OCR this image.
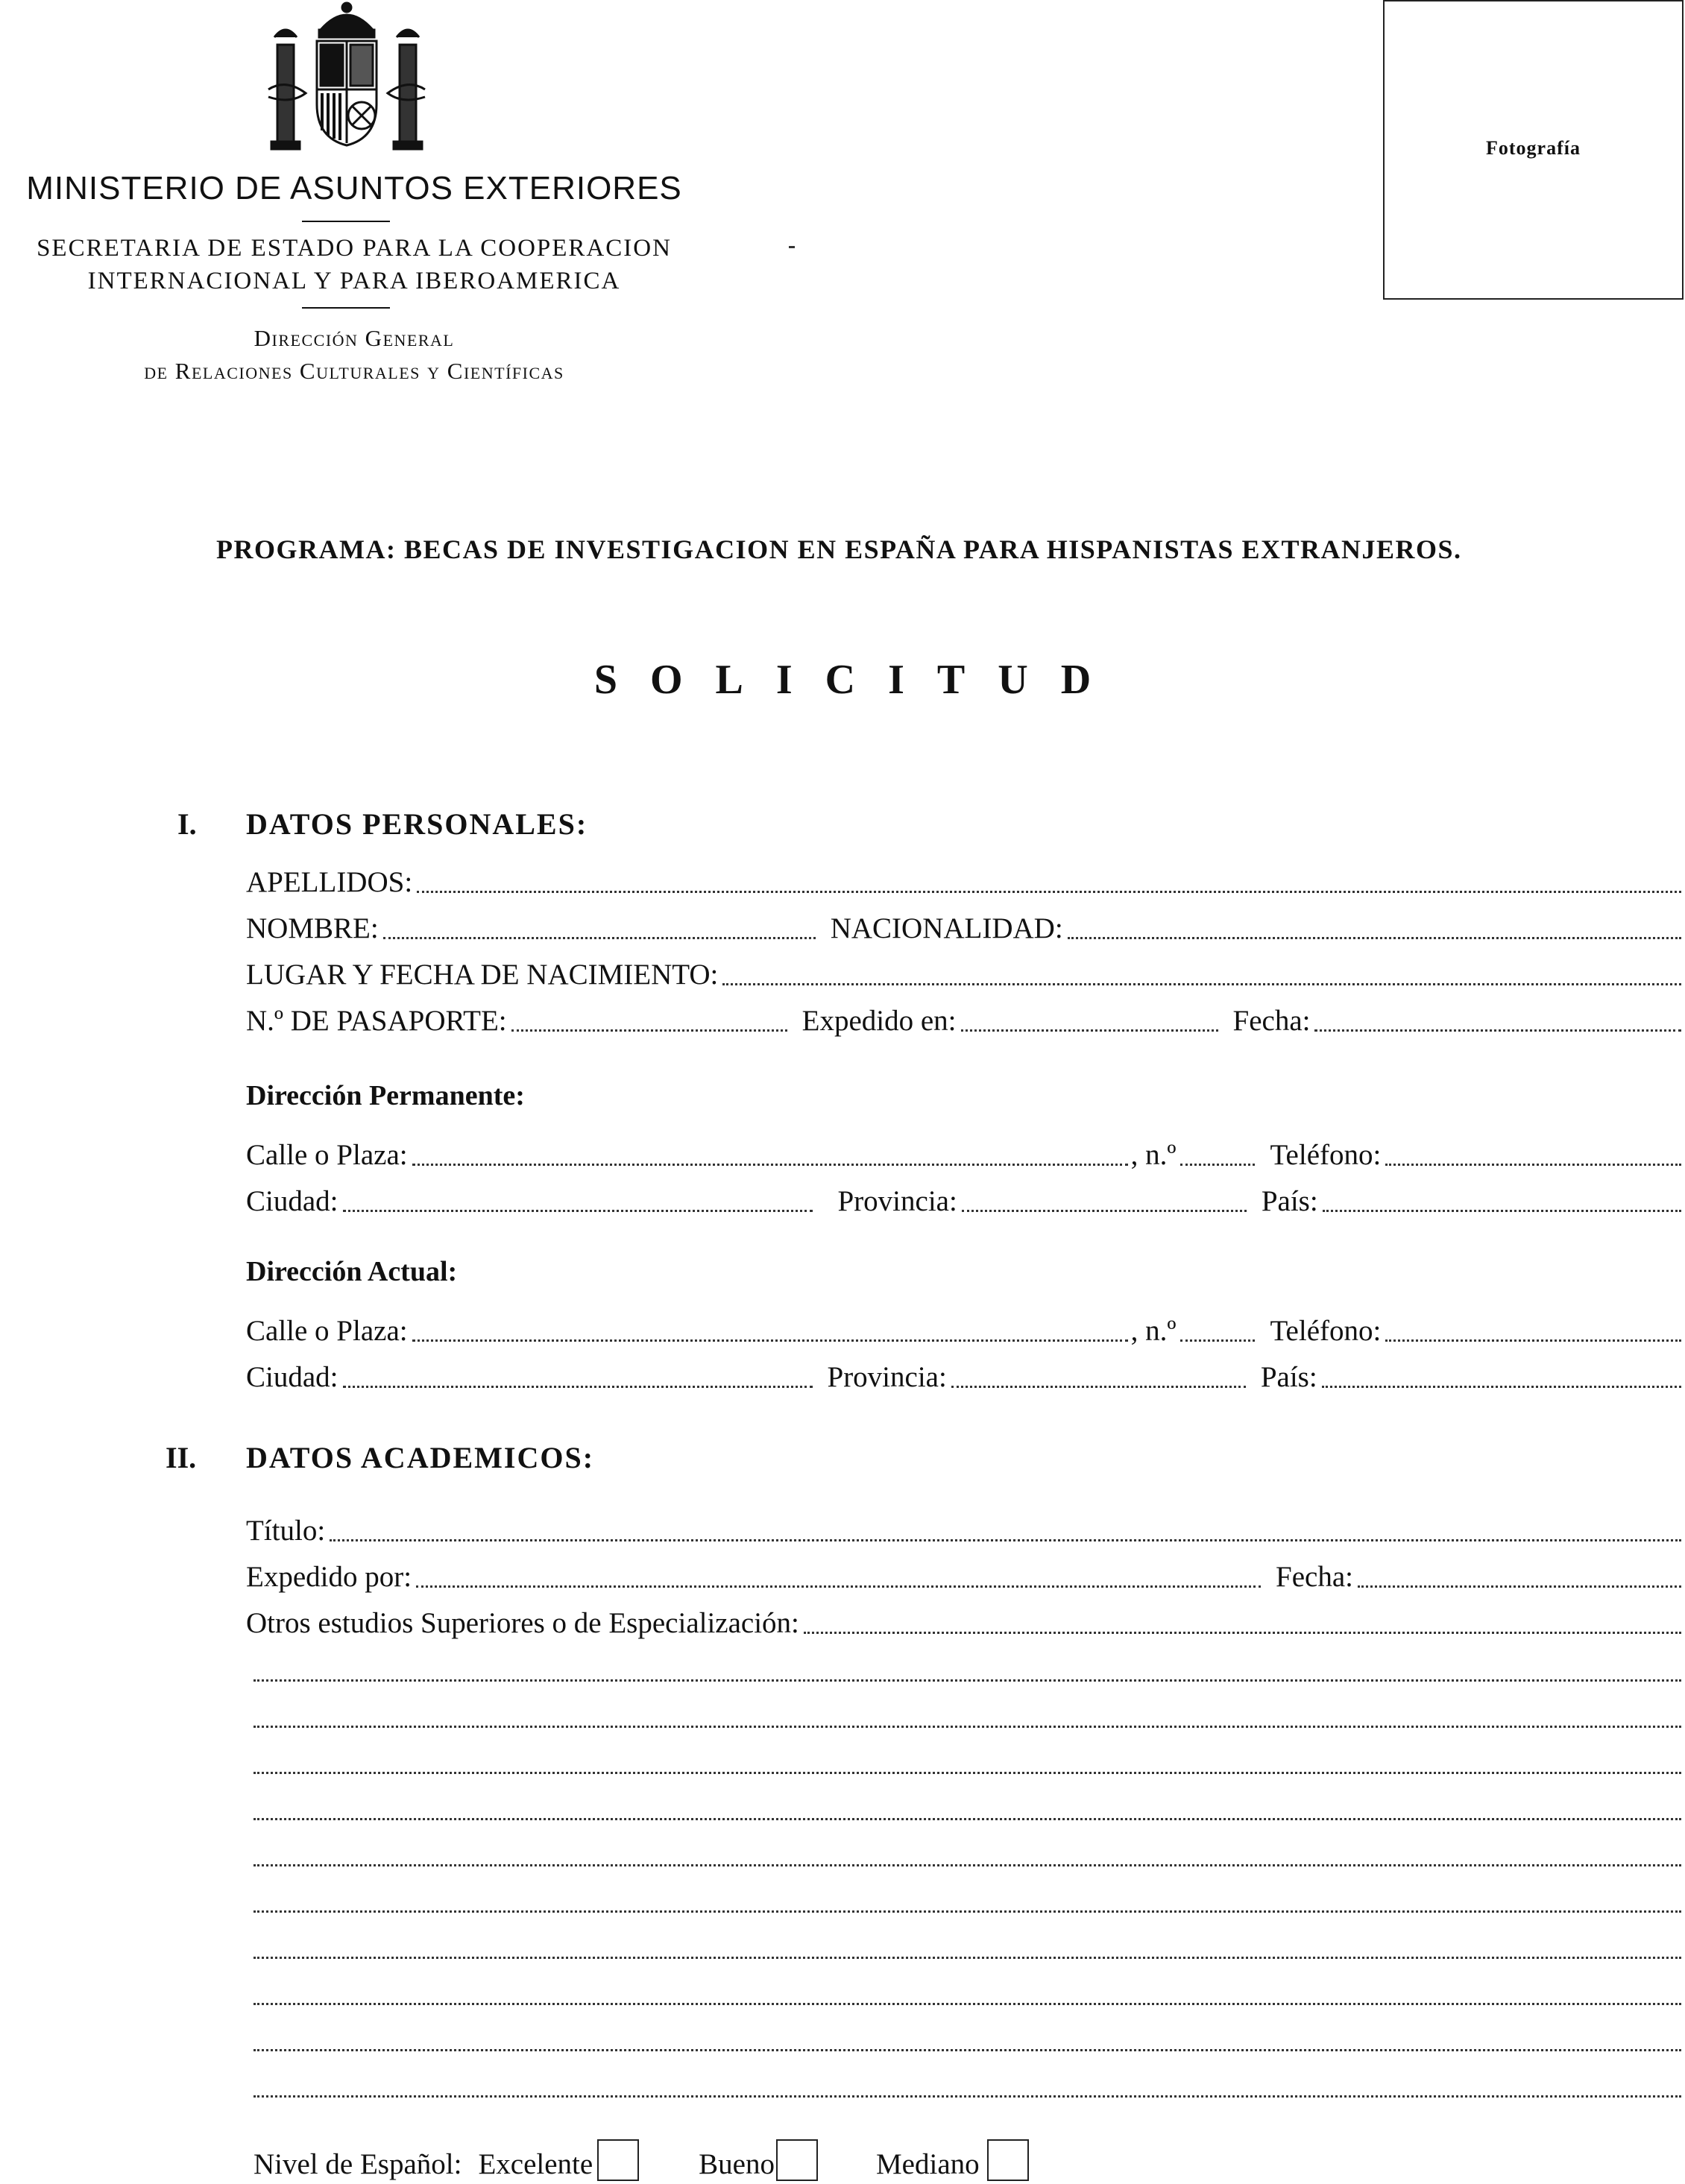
MINISTERIO DE ASUNTOS EXTERIORES
SECRETARIA DE ESTADO PARA LA COOPERACION
INTERNACIONAL Y PARA IBEROAMERICA
Dirección General
de Relaciones Culturales y Científicas
Fotografía
PROGRAMA: BECAS DE INVESTIGACION EN ESPAÑA PARA HISPANISTAS EXTRANJEROS.
SOLICITUD
I. DATOS PERSONALES:
APELLIDOS:
NOMBRE:	NACIONALIDAD:
LUGAR Y FECHA DE NACIMIENTO:
N.º DE PASAPORTE:	Expedido en:	Fecha:
Dirección Permanente:
Calle o Plaza:	, n.º	Teléfono:
Ciudad:	Provincia:	País:
Dirección Actual:
Calle o Plaza:	, n.º	Teléfono:
Ciudad:	Provincia:	País:
II. DATOS ACADEMICOS:
Título:
Expedido por:	Fecha:
Otros estudios Superiores o de Especialización:
Nivel de Español: Excelente	Bueno	Mediano
